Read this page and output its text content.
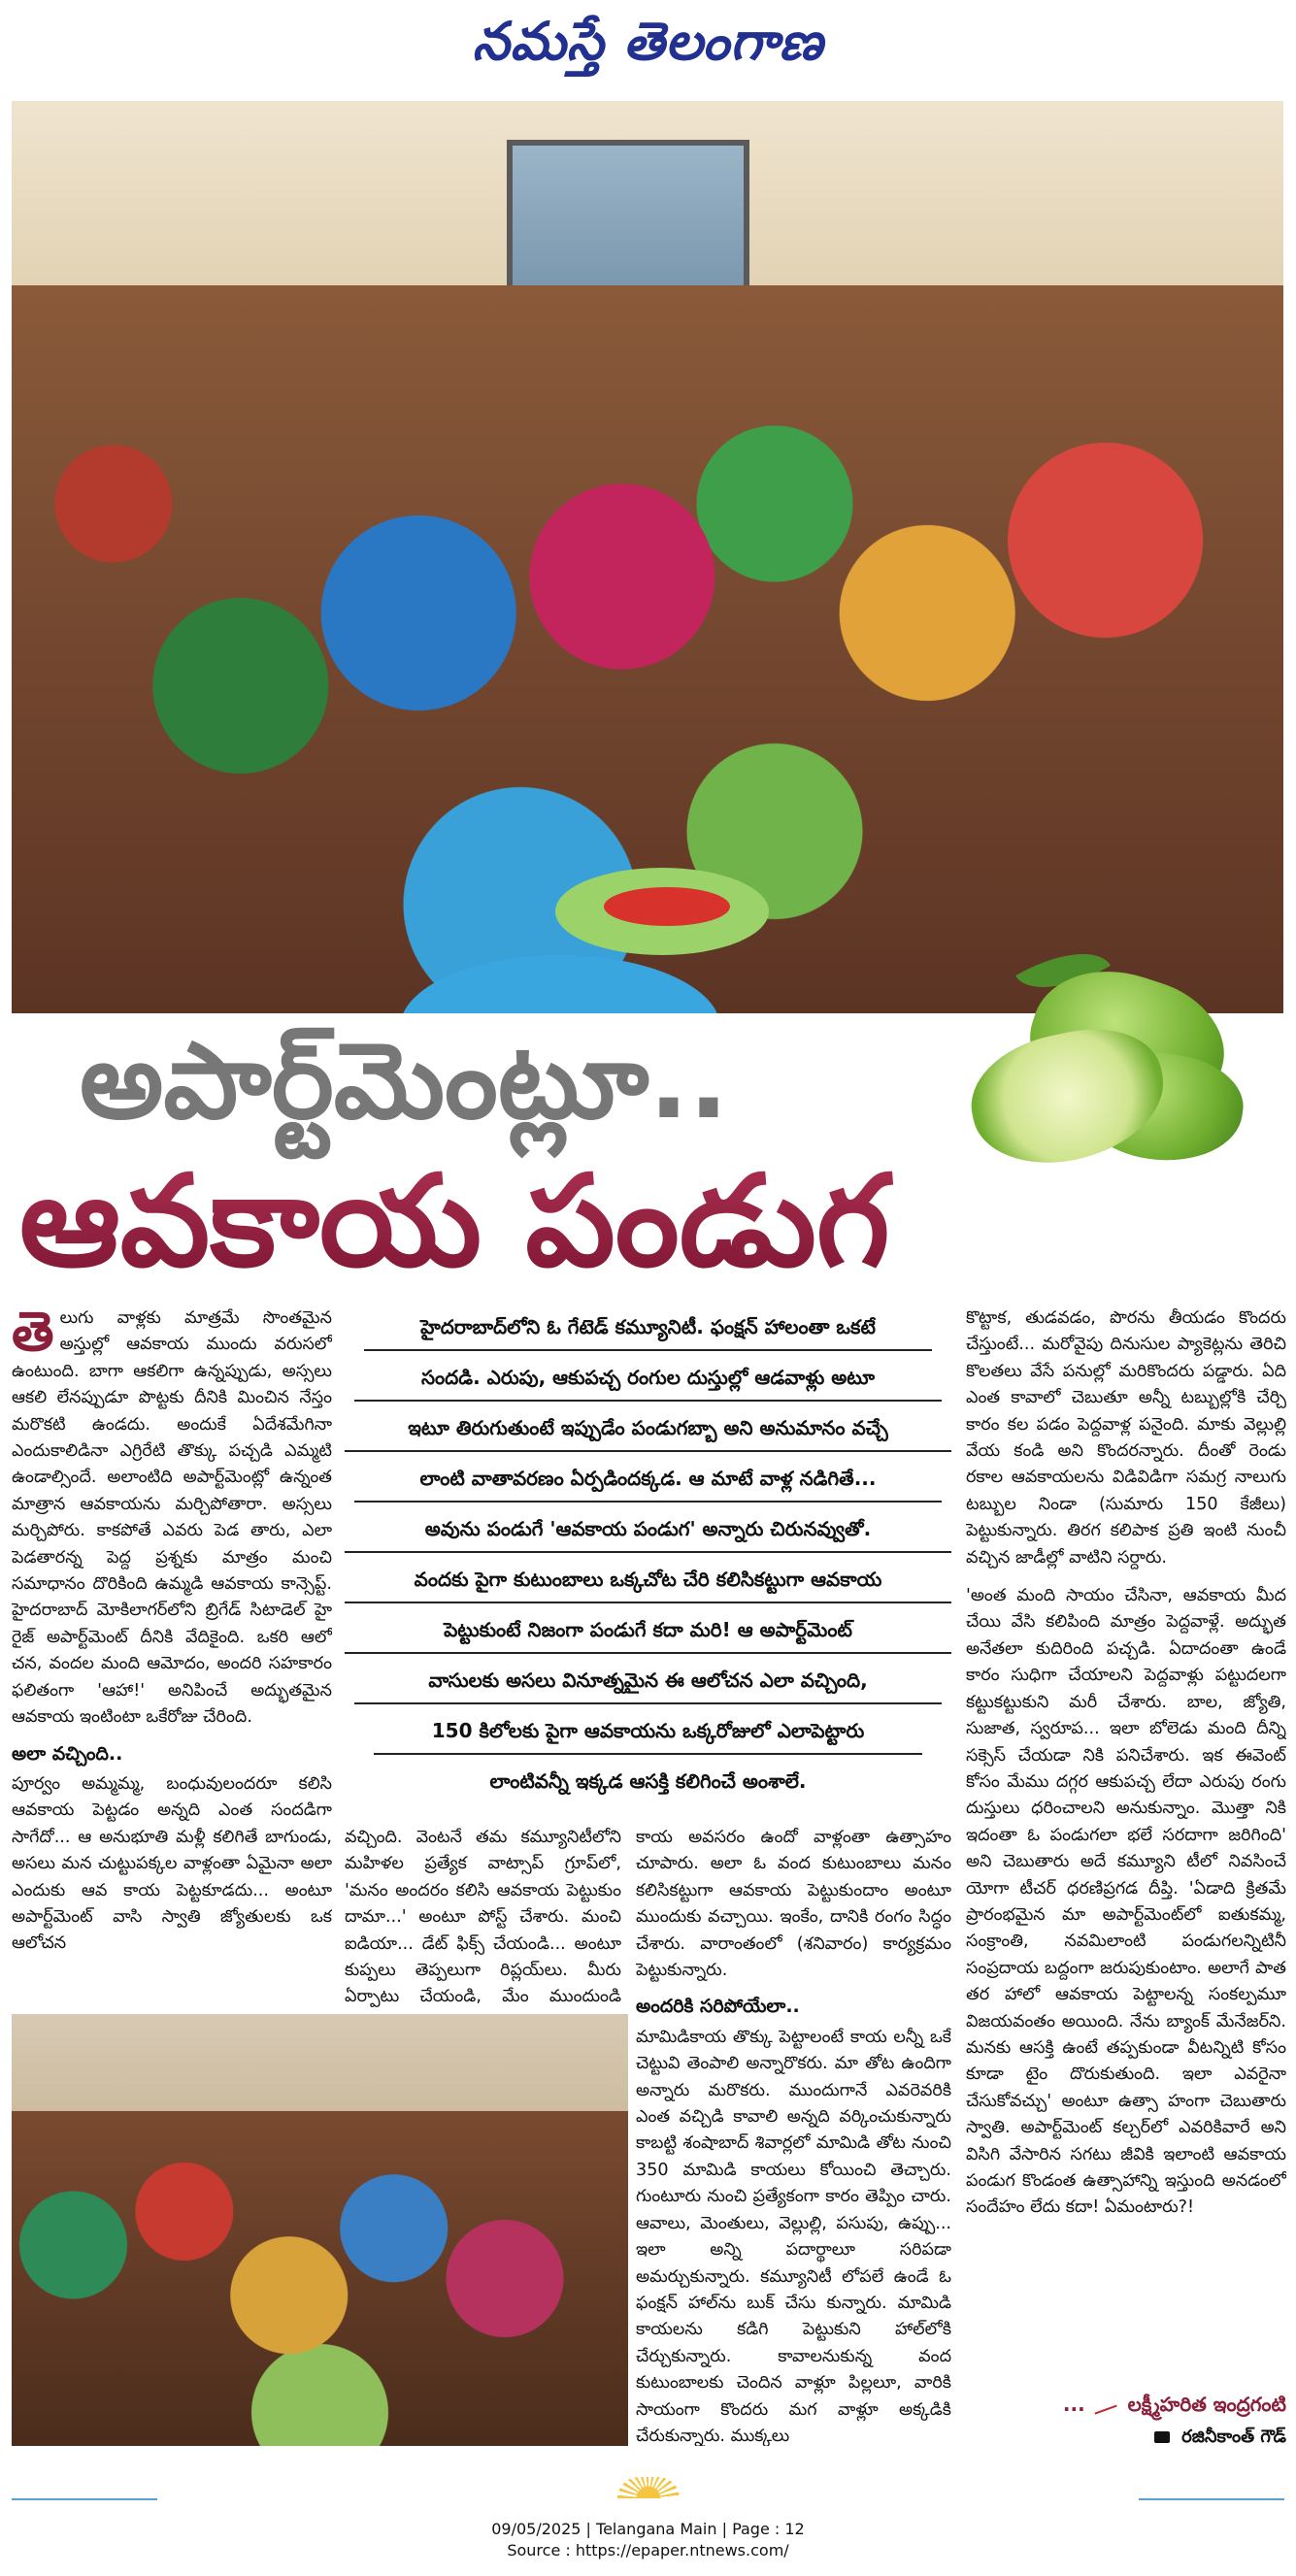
నమస్తే తెలంగాణ
అపార్ట్‌మెంట్లూ..
ఆవకాయ పండుగ

తెలుగు వాళ్లకు మాత్రమే సొంతమైన అస్తుల్లో ఆవకాయ ముందు వరుసలో ఉంటుంది. బాగా ఆకలిగా ఉన్నప్పుడు, అస్సలు ఆకలి లేనప్పుడూ పొట్టకు దీనికి మించిన నేస్తం మరొకటి ఉండదు. అందుకే ఏదేశమేగినా ఎందుకాలిడినా ఎగ్రిరేటి తొక్కు పచ్చడి ఎమ్మటి ఉండాల్సిందే. అలాంటిది అపార్ట్‌మెంట్లో ఉన్నంత మాత్రాన ఆవకాయను మర్చిపోతారా. అస్సలు మర్చిపోరు. కాకపోతే ఎవరు పెడ తారు, ఎలా పెడతారన్న పెద్ద ప్రశ్నకు మాత్రం మంచి సమాధానం దొరికింది ఉమ్మడి ఆవకాయ కాన్సెప్ట్. హైదరాబాద్ మోకిలాగర్‌లోని బ్రిగేడ్ సిటాడెల్ హై రైజ్ అపార్ట్‌మెంట్ దీనికి వేదికైంది. ఒకరి ఆలో చన, వందల మంది ఆమోదం, అందరి సహకారం ఫలితంగా 'ఆహా!' అనిపించే అద్భుతమైన ఆవకాయ ఇంటింటా ఒకేరోజు చేరింది.

అలా వచ్చింది..

పూర్వం అమ్మమ్మ, బంధువులందరూ కలిసి ఆవకాయ పెట్టడం అన్నది ఎంత సందడిగా సాగేదో... ఆ అనుభూతి మళ్లీ కలిగితే బాగుండు, అసలు మన చుట్టుపక్కల వాళ్లంతా ఏమైనా అలా ఎందుకు ఆవ కాయ పెట్టకూడదు... అంటూ అపార్ట్‌మెంట్ వాసి స్వాతి జ్యోతులకు ఒక ఆలోచన

హైదరాబాద్‌లోని ఓ గేటెడ్ కమ్యూనిటీ. ఫంక్షన్ హాలంతా ఒకటే
సందడి. ఎరుపు, ఆకుపచ్చ రంగుల దుస్తుల్లో ఆడవాళ్లు అటూ
ఇటూ తిరుగుతుంటే ఇప్పుడేం పండుగబ్బా అని అనుమానం వచ్చే
లాంటి వాతావరణం ఏర్పడిందక్కడ. ఆ మాటే వాళ్ల నడిగితే...
అవును పండుగే 'ఆవకాయ పండుగ' అన్నారు చిరునవ్వుతో.
వందకు పైగా కుటుంబాలు ఒక్కచోట చేరి కలిసికట్టుగా ఆవకాయ
పెట్టుకుంటే నిజంగా పండుగే కదా మరి! ఆ అపార్ట్‌మెంట్
వాసులకు అసలు వినూత్నమైన ఈ ఆలోచన ఎలా వచ్చింది,
150 కిలోలకు పైగా ఆవకాయను ఒక్కరోజులో ఎలాపెట్టారు
లాంటివన్నీ ఇక్కడ ఆసక్తి కలిగించే అంశాలే.

వచ్చింది. వెంటనే తమ కమ్యూనిటీలోని మహిళల ప్రత్యేక వాట్సాప్ గ్రూప్‌లో, 'మనం అందరం కలిసి ఆవకాయ పెట్టుకుం దామా...' అంటూ పోస్ట్ చేశారు. మంచి ఐడియా... డేట్ ఫిక్స్ చేయండి... అంటూ కుప్పలు తెప్పలుగా రిప్లయ్‌లు. మీరు ఏర్పాటు చేయండి, మేం ముందుండి

కాయ అవసరం ఉందో వాళ్లంతా ఉత్సాహం చూపారు. అలా ఓ వంద కుటుంబాలు మనం కలిసికట్టుగా ఆవకాయ పెట్టుకుందాం అంటూ ముందుకు వచ్చాయి. ఇంకేం, దానికి రంగం సిద్ధం చేశారు. వారాంతంలో (శనివారం) కార్యక్రమం పెట్టుకున్నారు.

అందరికి సరిపోయేలా..

మామిడికాయ తొక్కు పెట్టాలంటే కాయ లన్నీ ఒకే చెట్టువి తెంపాలి అన్నారొకరు. మా తోట ఉందిగా అన్నారు మరొకరు. ముందుగానే ఎవరెవరికి ఎంత వచ్చిడి కావాలి అన్నది వర్కించుకున్నారు కాబట్టి శంషాబాద్ శివార్లలో మామిడి తోట నుంచి 350 మామిడి కాయలు కోయించి తెచ్చారు. గుంటూరు నుంచి ప్రత్యేకంగా కారం తెప్పిం చారు. ఆవాలు, మెంతులు, వెల్లుల్లి, పసుపు, ఉప్పు... ఇలా అన్ని పదార్థాలూ సరిపడా అమర్చుకున్నారు. కమ్యూనిటీ లోపలే ఉండే ఓ ఫంక్షన్ హాల్‌ను బుక్ చేసు కున్నారు. మామిడి కాయలను కడిగి పెట్టుకుని హాల్‌లోకి చేర్చుకున్నారు. కావాలనుకున్న వంద కుటుంబాలకు చెందిన వాళ్లూ పిల్లలూ, వారికి సాయంగా కొందరు మగ వాళ్లూ అక్కడికి చేరుకున్నారు. ముక్కలు

కొట్టాక, తుడవడం, పొరను తీయడం కొందరు చేస్తుంటే... మరోవైపు దినుసుల ప్యాకెట్లను తెరిచి కొలతలు వేసే పనుల్లో మరికొందరు పడ్డారు. ఏది ఎంత కావాలో చెబుతూ అన్నీ టబ్బుల్లోకి చేర్చి కారం కల పడం పెద్దవాళ్ల పనైంది. మాకు వెల్లుల్లి వేయ కండి అని కొందరన్నారు. దీంతో రెండు రకాల ఆవకాయలను విడివిడిగా సమగ్ర నాలుగు టబ్బుల నిండా (సుమారు 150 కేజీలు) పెట్టుకున్నారు. తిరగ కలిపాక ప్రతి ఇంటి నుంచీ వచ్చిన జాడీల్లో వాటిని సర్దారు.

'అంత మంది సాయం చేసినా, ఆవకాయ మీద చేయి వేసి కలిపింది మాత్రం పెద్దవాళ్లే. అద్భుత అనేతలా కుదిరింది పచ్చడి. ఏదాదంతా ఉండే కారం సుధిగా చేయాలని పెద్దవాళ్లు పట్టుదలగా కట్టుకట్టుకుని మరీ చేశారు. బాల, జ్యోతి, సుజాత, స్వరూప... ఇలా బోలెడు మంది దీన్ని సక్సెస్ చేయడా నికి పనిచేశారు. ఇక ఈవెంట్ కోసం మేము దగ్గర ఆకుపచ్చ లేదా ఎరుపు రంగు దుస్తులు ధరించాలని అనుకున్నాం. మొత్తా నికి ఇదంతా ఓ పండుగలా భలే సరదాగా జరిగింది' అని చెబుతారు అదే కమ్యూని టీలో నివసించే యోగా టీచర్ ధరణిప్రగడ దీప్తి. 'ఏడాది క్రితమే ప్రారంభమైన మా అపార్ట్‌మెంట్‌లో ఐతుకమ్మ, సంక్రాంతి, నవమిలాంటి పండుగలన్నిటినీ సంప్రదాయ బద్దంగా జరుపుకుంటాం. అలాగే పాత తర హాలో ఆవకాయ పెట్టాలన్న సంకల్పమూ విజయవంతం అయింది. నేను బ్యాంక్ మేనేజర్‌ని. మనకు ఆసక్తి ఉంటే తప్పకుండా వీటన్నిటి కోసం కూడా టైం దొరుకుతుంది. ఇలా ఎవరైనా చేసుకోవచ్చు' అంటూ ఉత్సా హంగా చెబుతారు స్వాతి. అపార్ట్‌మెంట్ కల్చర్‌లో ఎవరికివారే అని విసిగి వేసారిన సగటు జీవికి ఇలాంటి ఆవకాయ పండుగ కొండంత ఉత్సాహాన్ని ఇస్తుంది అనడంలో సందేహం లేదు కదా! ఏమంటారు?!

... లక్ష్మీహరిత ఇంద్రగంటి
రజినీకాంత్ గౌడ్
09/05/2025 | Telangana Main | Page : 12
Source : https://epaper.ntnews.com/
